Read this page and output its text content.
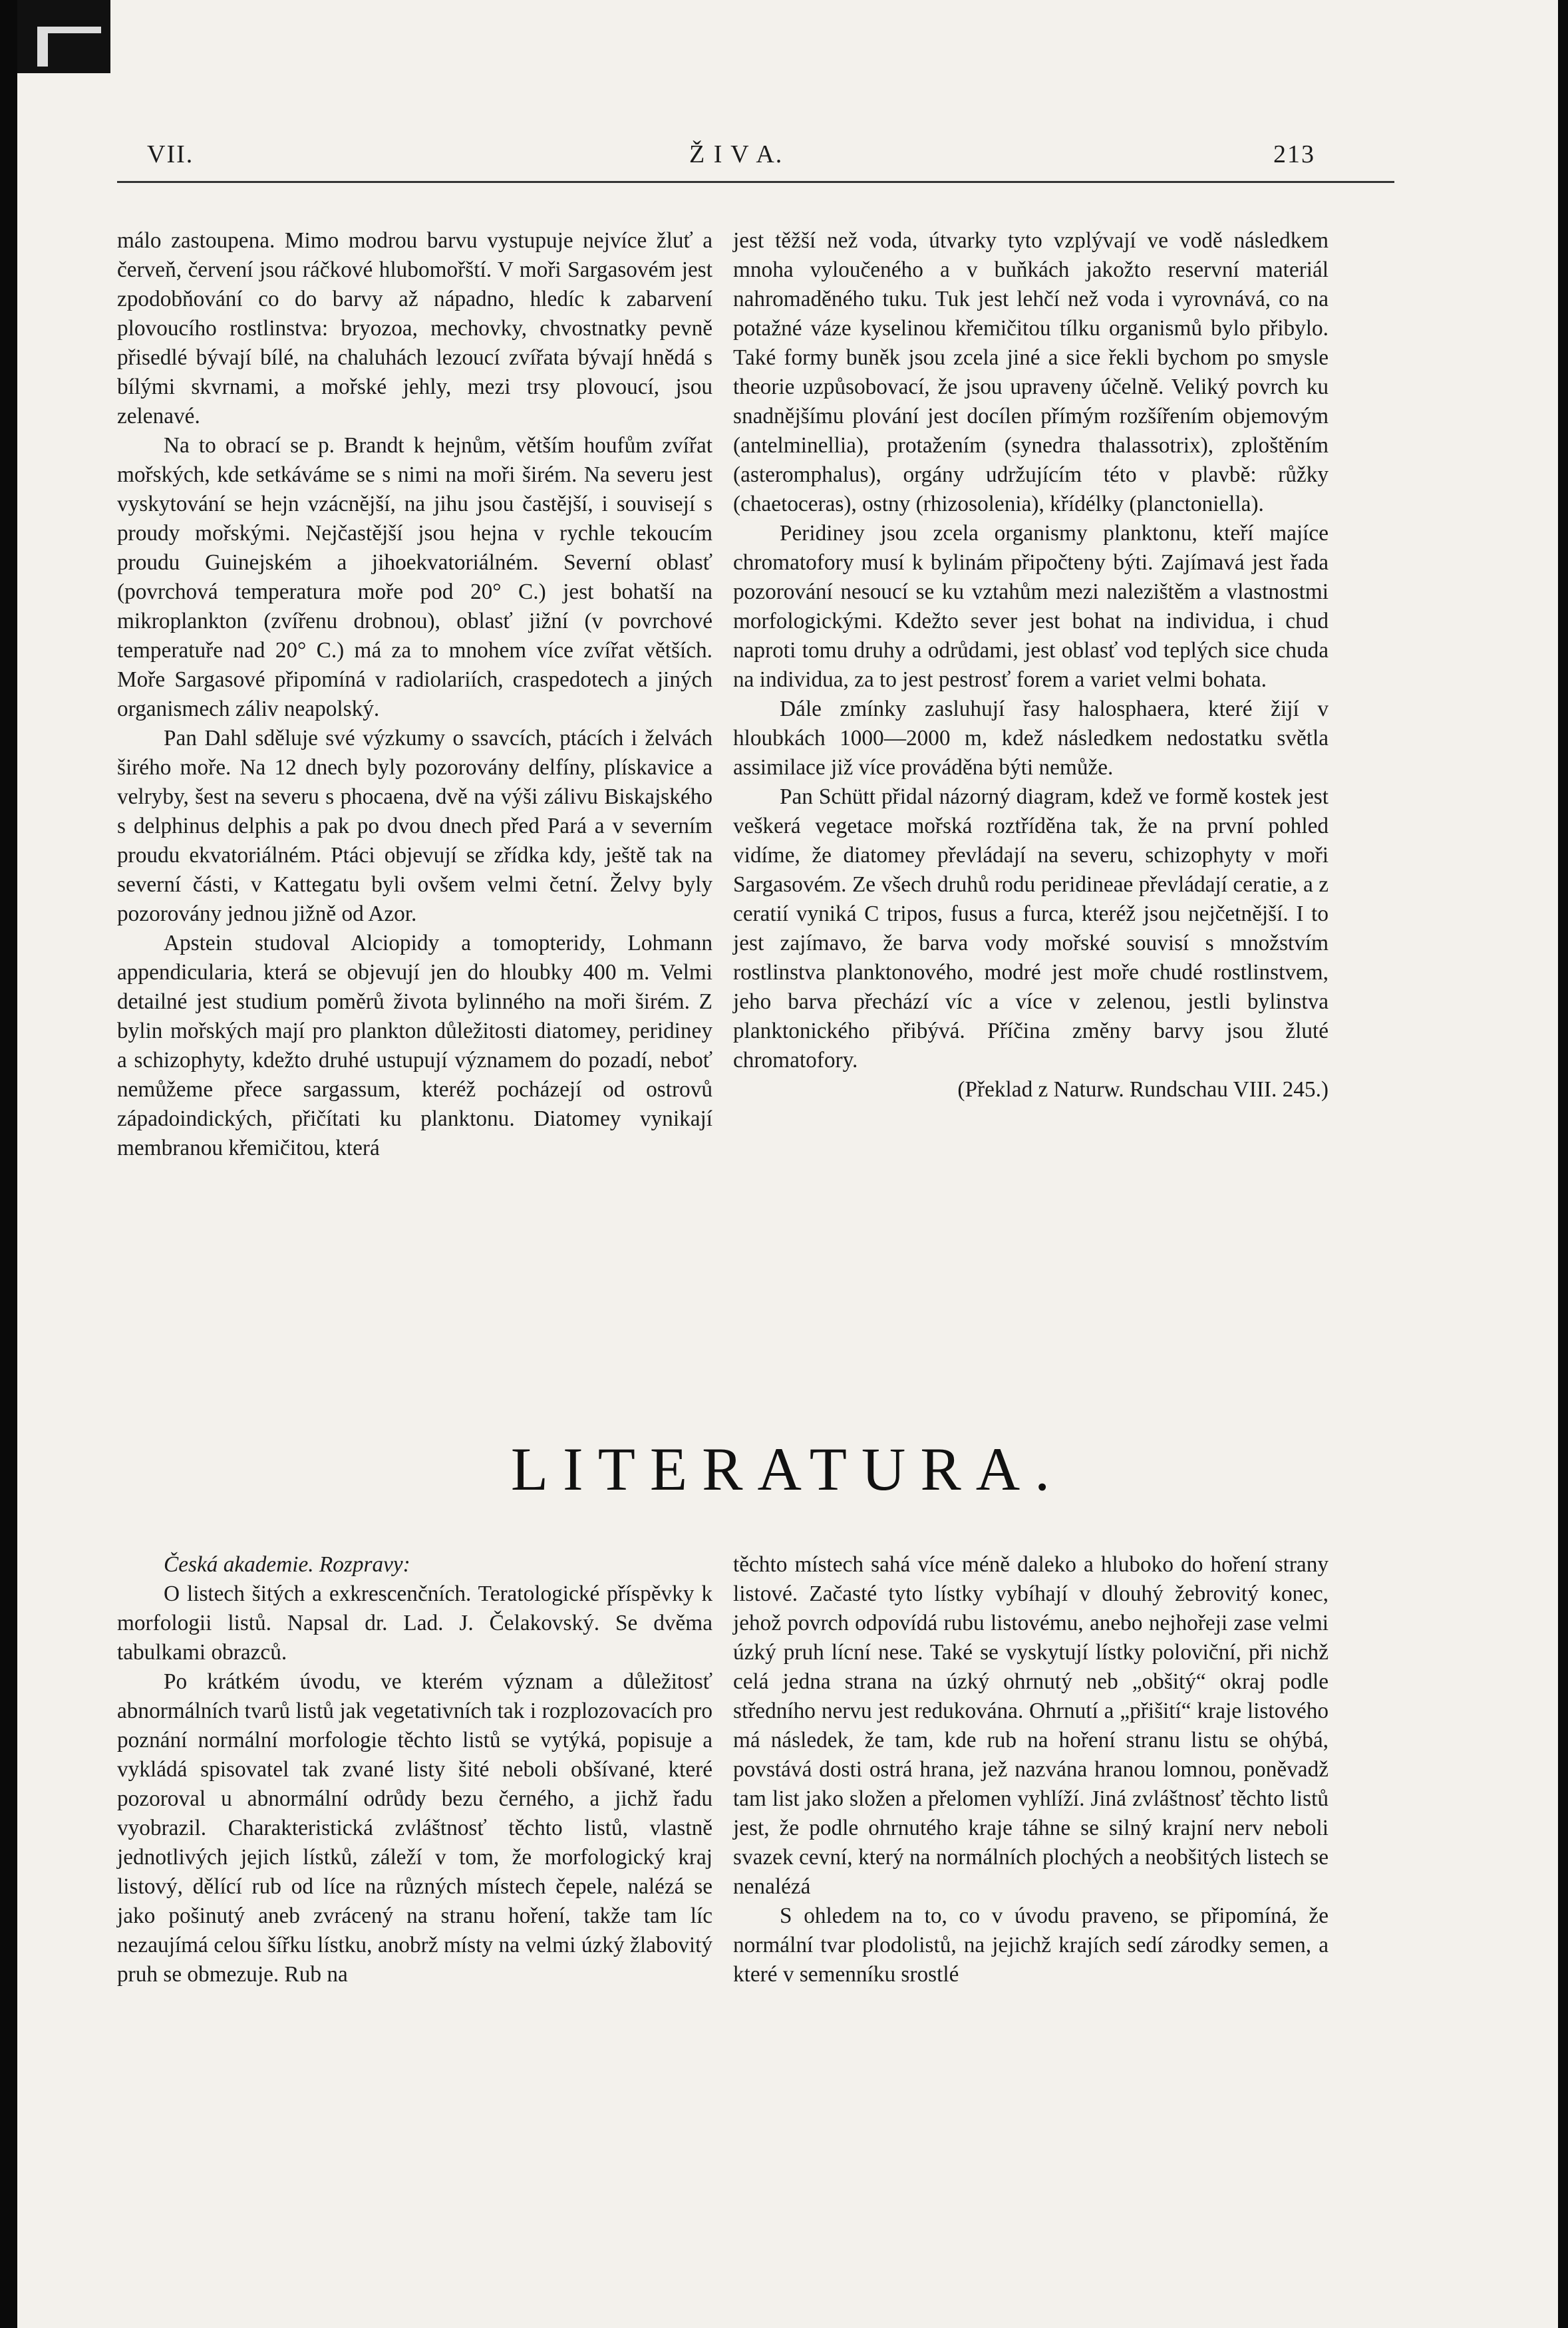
VII.	Ž I V A.	213

málo zastoupena. Mimo modrou barvu vystupuje nejvíce žluť a červeň, červení jsou ráčkové hlubomořští. V moři Sargasovém jest zpodobňování co do barvy až nápadno, hledíc k zabarvení plovoucího rostlinstva: bryozoa, mechovky, chvostnatky pevně přisedlé bývají bílé, na chaluhách lezoucí zvířata bývají hnědá s bílými skvrnami, a mořské jehly, mezi trsy plovoucí, jsou zelenavé.

Na to obrací se p. Brandt k hejnům, větším houfům zvířat mořských, kde setkáváme se s nimi na moři širém. Na severu jest vyskytování se hejn vzácnější, na jihu jsou častější, i souvisejí s proudy mořskými. Nejčastější jsou hejna v rychle tekoucím proudu Guinejském a jihoekvatoriálném. Severní oblasť (povrchová temperatura moře pod 20° C.) jest bohatší na mikroplankton (zvířenu drobnou), oblasť jižní (v povrchové temperatuře nad 20° C.) má za to mnohem více zvířat větších. Moře Sargasové připomíná v radiolariích, craspedotech a jiných organismech záliv neapolský.

Pan Dahl sděluje své výzkumy o ssavcích, ptácích i želvách širého moře. Na 12 dnech byly pozorovány delfíny, plískavice a velryby, šest na severu s phocaena, dvě na výši zálivu Biskajského s delphinus delphis a pak po dvou dnech před Pará a v severním proudu ekvatoriálném. Ptáci objevují se zřídka kdy, ještě tak na severní části, v Kattegatu byli ovšem velmi četní. Želvy byly pozorovány jednou jižně od Azor.

Apstein studoval Alciopidy a tomopteridy, Lohmann appendicularia, která se objevují jen do hloubky 400 m. Velmi detailné jest studium poměrů života bylinného na moři širém. Z bylin mořských mají pro plankton důležitosti diatomey, peridiney a schizophyty, kdežto druhé ustupují významem do pozadí, neboť nemůžeme přece sargassum, kteréž pocházejí od ostrovů západoindických, přičítati ku planktonu. Diatomey vynikají membranou křemičitou, která

jest těžší než voda, útvarky tyto vzplývají ve vodě následkem mnoha vyloučeného a v buňkách jakožto reservní materiál nahromaděného tuku. Tuk jest lehčí než voda i vyrovnává, co na potažné váze kyselinou křemičitou tílku organismů bylo přibylo. Také formy buněk jsou zcela jiné a sice řekli bychom po smysle theorie uzpůsobovací, že jsou upraveny účelně. Veliký povrch ku snadnějšímu plování jest docílen přímým rozšířením objemovým (antelminellia), protažením (synedra thalassotrix), zploštěním (asteromphalus), orgány udržujícím této v plavbě: růžky (chaetoceras), ostny (rhizosolenia), křídélky (planctoniella).

Peridiney jsou zcela organismy planktonu, kteří majíce chromatofory musí k bylinám připočteny býti. Zajímavá jest řada pozorování nesoucí se ku vztahům mezi nalezištěm a vlastnostmi morfologickými. Kdežto sever jest bohat na individua, i chud naproti tomu druhy a odrůdami, jest oblasť vod teplých sice chuda na individua, za to jest pestrosť forem a variet velmi bohata.

Dále zmínky zasluhují řasy halosphaera, které žijí v hloubkách 1000—2000 m, kdež následkem nedostatku světla assimilace již více prováděna býti nemůže.

Pan Schütt přidal názorný diagram, kdež ve formě kostek jest veškerá vegetace mořská roztříděna tak, že na první pohled vidíme, že diatomey převládají na severu, schizophyty v moři Sargasovém. Ze všech druhů rodu peridineae převládají ceratie, a z ceratií vyniká C tripos, fusus a furca, kteréž jsou nejčetnější. I to jest zajímavo, že barva vody mořské souvisí s množstvím rostlinstva planktonového, modré jest moře chudé rostlinstvem, jeho barva přechází víc a více v zelenou, jestli bylinstva planktonického přibývá. Příčina změny barvy jsou žluté chromatofory.

(Překlad z Naturw. Rundschau VIII. 245.)

LITERATURA.

Česká akademie. Rozpravy:

O listech šitých a exkrescenčních. Teratologické příspěvky k morfologii listů. Napsal dr. Lad. J. Čelakovský. Se dvěma tabulkami obrazců.

Po krátkém úvodu, ve kterém význam a důležitosť abnormálních tvarů listů jak vegetativních tak i rozplozovacích pro poznání normální morfologie těchto listů se vytýká, popisuje a vykládá spisovatel tak zvané listy šité neboli obšívané, které pozoroval u abnormální odrůdy bezu černého, a jichž řadu vyobrazil. Charakteristická zvláštnosť těchto listů, vlastně jednotlivých jejich lístků, záleží v tom, že morfologický kraj listový, dělící rub od líce na různých místech čepele, nalézá se jako pošinutý aneb zvrácený na stranu hoření, takže tam líc nezaujímá celou šířku lístku, anobrž místy na velmi úzký žlabovitý pruh se obmezuje. Rub na

těchto místech sahá více méně daleko a hluboko do hoření strany listové. Začasté tyto lístky vybíhají v dlouhý žebrovitý konec, jehož povrch odpovídá rubu listovému, anebo nejhořeji zase velmi úzký pruh lícní nese. Také se vyskytují lístky poloviční, při nichž celá jedna strana na úzký ohrnutý neb „obšitý“ okraj podle středního nervu jest redukována. Ohrnutí a „přišití“ kraje listového má následek, že tam, kde rub na hoření stranu listu se ohýbá, povstává dosti ostrá hrana, jež nazvána hranou lomnou, poněvadž tam list jako složen a přelomen vyhlíží. Jiná zvláštnosť těchto listů jest, že podle ohrnutého kraje táhne se silný krajní nerv neboli svazek cevní, který na normálních plochých a neobšitých listech se nenalézá

S ohledem na to, co v úvodu praveno, se připomíná, že normální tvar plodolistů, na jejichž krajích sedí zárodky semen, a které v semenníku srostlé
